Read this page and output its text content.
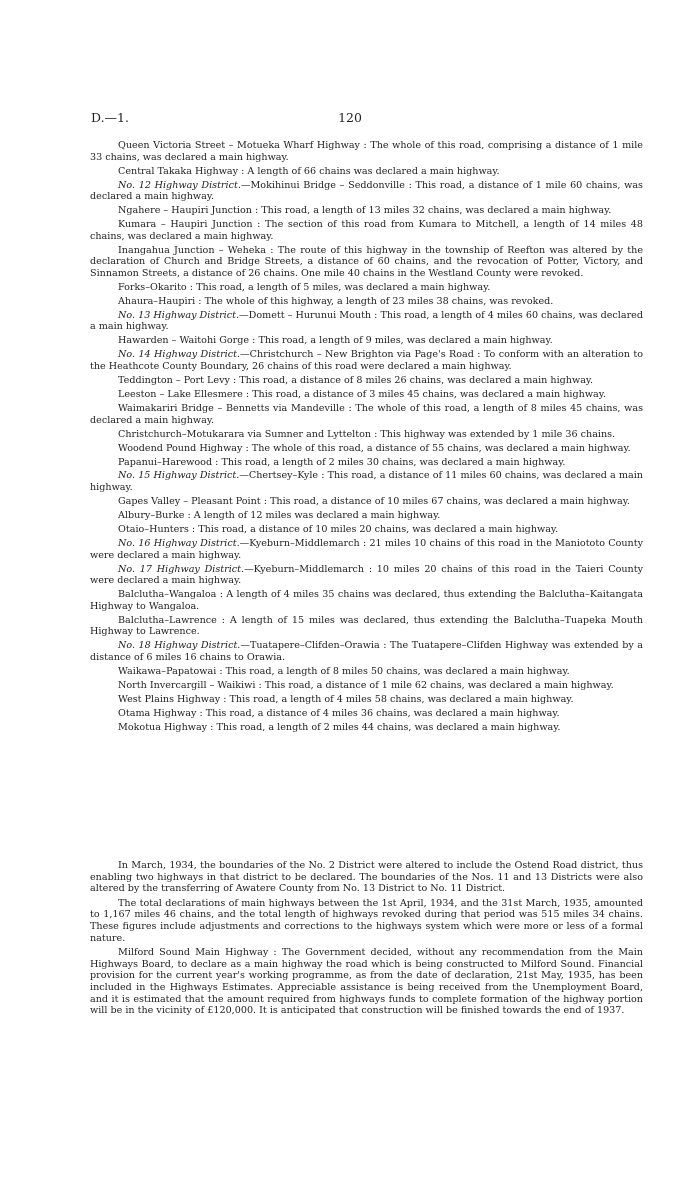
D.—1.	120

Queen Victoria Street – Motueka Wharf Highway : The whole of this road, comprising a distance of 1 mile 33 chains, was declared a main highway.

Central Takaka Highway : A length of 66 chains was declared a main highway.

No. 12 Highway District.—Mokihinui Bridge – Seddonville : This road, a distance of 1 mile 60 chains, was declared a main highway.

Ngahere – Haupiri Junction : This road, a length of 13 miles 32 chains, was declared a main highway.

Kumara – Haupiri Junction : The section of this road from Kumara to Mitchell, a length of 14 miles 48 chains, was declared a main highway.

Inangahua Junction – Weheka : The route of this highway in the township of Reefton was altered by the declaration of Church and Bridge Streets, a distance of 60 chains, and the revocation of Potter, Victory, and Sinnamon Streets, a distance of 26 chains. One mile 40 chains in the Westland County were revoked.

Forks–Okarito : This road, a length of 5 miles, was declared a main highway.

Ahaura–Haupiri : The whole of this highway, a length of 23 miles 38 chains, was revoked.

No. 13 Highway District.—Domett – Hurunui Mouth : This road, a length of 4 miles 60 chains, was declared a main highway.

Hawarden – Waitohi Gorge : This road, a length of 9 miles, was declared a main highway.

No. 14 Highway District.—Christchurch – New Brighton via Page's Road : To conform with an alteration to the Heathcote County Boundary, 26 chains of this road were declared a main highway.

Teddington – Port Levy : This road, a distance of 8 miles 26 chains, was declared a main highway.

Leeston – Lake Ellesmere : This road, a distance of 3 miles 45 chains, was declared a main highway.

Waimakariri Bridge – Bennetts via Mandeville : The whole of this road, a length of 8 miles 45 chains, was declared a main highway.

Christchurch–Motukarara via Sumner and Lyttelton : This highway was extended by 1 mile 36 chains.

Woodend Pound Highway : The whole of this road, a distance of 55 chains, was declared a main highway.

Papanui–Harewood : This road, a length of 2 miles 30 chains, was declared a main highway.

No. 15 Highway District.—Chertsey–Kyle : This road, a distance of 11 miles 60 chains, was declared a main highway.

Gapes Valley – Pleasant Point : This road, a distance of 10 miles 67 chains, was declared a main highway.

Albury–Burke : A length of 12 miles was declared a main highway.

Otaio–Hunters : This road, a distance of 10 miles 20 chains, was declared a main highway.

No. 16 Highway District.—Kyeburn–Middlemarch : 21 miles 10 chains of this road in the Maniototo County were declared a main highway.

No. 17 Highway District.—Kyeburn–Middlemarch : 10 miles 20 chains of this road in the Taieri County were declared a main highway.

Balclutha–Wangaloa : A length of 4 miles 35 chains was declared, thus extending the Balclutha–Kaitangata Highway to Wangaloa.

Balclutha–Lawrence : A length of 15 miles was declared, thus extending the Balclutha–Tuapeka Mouth Highway to Lawrence.

No. 18 Highway District.—Tuatapere–Clifden–Orawia : The Tuatapere–Clifden Highway was extended by a distance of 6 miles 16 chains to Orawia.

Waikawa–Papatowai : This road, a length of 8 miles 50 chains, was declared a main highway.

North Invercargill – Waikiwi : This road, a distance of 1 mile 62 chains, was declared a main highway.

West Plains Highway : This road, a length of 4 miles 58 chains, was declared a main highway.

Otama Highway : This road, a distance of 4 miles 36 chains, was declared a main highway.

Mokotua Highway : This road, a length of 2 miles 44 chains, was declared a main highway.

In March, 1934, the boundaries of the No. 2 District were altered to include the Ostend Road district, thus enabling two highways in that district to be declared. The boundaries of the Nos. 11 and 13 Districts were also altered by the transferring of Awatere County from No. 13 District to No. 11 District.

The total declarations of main highways between the 1st April, 1934, and the 31st March, 1935, amounted to 1,167 miles 46 chains, and the total length of highways revoked during that period was 515 miles 34 chains. These figures include adjustments and corrections to the highways system which were more or less of a formal nature.

Milford Sound Main Highway : The Government decided, without any recommendation from the Main Highways Board, to declare as a main highway the road which is being constructed to Milford Sound. Financial provision for the current year's working programme, as from the date of declaration, 21st May, 1935, has been included in the Highways Estimates. Appreciable assistance is being received from the Unemployment Board, and it is estimated that the amount required from highways funds to complete formation of the highway portion will be in the vicinity of £120,000. It is anticipated that construction will be finished towards the end of 1937.
